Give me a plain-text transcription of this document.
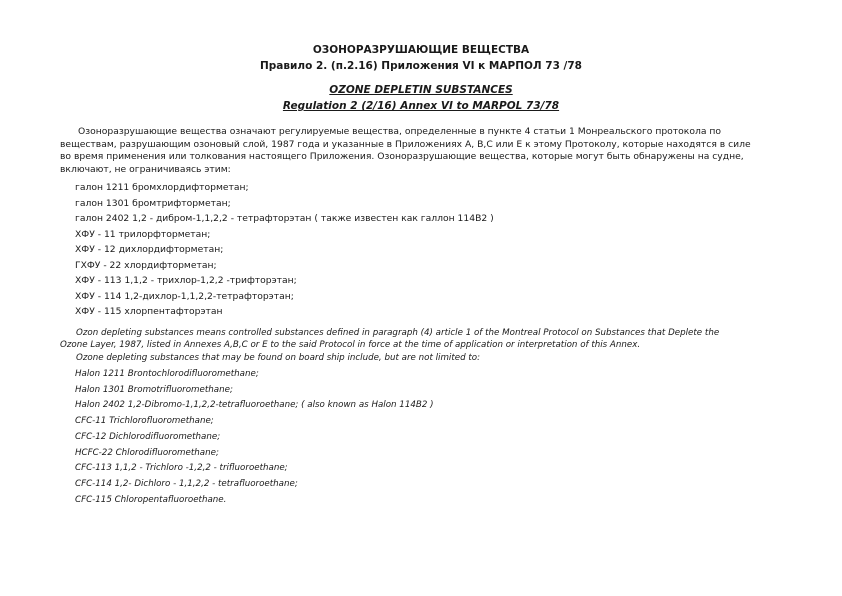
ОЗОНОРАЗРУШАЮЩИЕ ВЕЩЕСТВА
Правило 2. (п.2.16) Приложения VI к МАРПОЛ 73 /78
OZONE DEPLETIN SUBSTANCES
Regulation 2 (2/16) Annex VI to MARPOL 73/78
Озоноразрушающие вещества означают регулируемые вещества, определенные в пункте 4 статьи 1 Монреальского протокола по
веществам, разрушающим озоновый слой, 1987 года и указанные в Приложениях A, B,C или E к этому Протоколу, которые находятся в силе
во время применения или толкования настоящего Приложения. Озоноразрушающие вещества, которые могут быть обнаружены на судне,
включают, не ограничиваясь этим:
галон 1211 бромхлордифторметан;
галон 1301 бромтрифторметан;
галон 2402 1,2 - дибром-1,1,2,2 - тетрафторэтан ( также известен как галлон 114B2 )
ХФУ - 11 трилорфторметан;
ХФУ - 12 дихлордифторметан;
ГХФУ - 22 хлордифторметан;
ХФУ - 113 1,1,2 - трихлор-1,2,2 -трифторэтан;
ХФУ - 114 1,2-дихлор-1,1,2,2-тетрафторэтан;
ХФУ - 115 хлорпентафторэтан
Ozon depleting substances means controlled substances defined in paragraph (4) article 1 of the Montreal Protocol on Substances that Deplete the
Ozone Layer, 1987, listed in Annexes A,B,C or E to the said Protocol in force at the time of application or interpretation of this Annex.
Ozone depleting substances that may be found on board ship include, but are not limited to:
Halon 1211 Brontochlorodifluoromethane;
Halon 1301 Bromotrifluoromethane;
Halon 2402 1,2-Dibromo-1,1,2,2-tetrafluoroethane; ( also known as Halon 114B2 )
CFC-11 Trichlorofluoromethane;
CFC-12 Dichlorodifluoromethane;
HCFC-22 Chlorodifluoromethane;
CFC-113 1,1,2 - Trichloro -1,2,2 - trifluoroethane;
CFC-114 1,2- Dichloro - 1,1,2,2 - tetrafluoroethane;
CFC-115 Chloropentafluoroethane.
